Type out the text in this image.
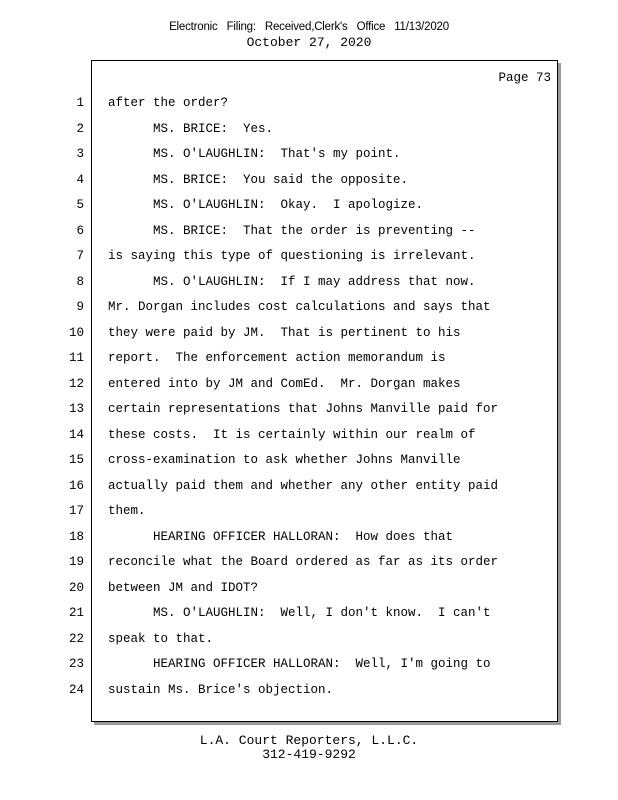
Electronic Filing: Received,Clerk's Office 11/13/2020
October 27, 2020
Page 73
1 after the order?
2 MS. BRICE:  Yes.
3 MS. O'LAUGHLIN:  That's my point.
4 MS. BRICE:  You said the opposite.
5 MS. O'LAUGHLIN:  Okay.  I apologize.
6 MS. BRICE:  That the order is preventing --
7 is saying this type of questioning is irrelevant.
8 MS. O'LAUGHLIN:  If I may address that now.
9 Mr. Dorgan includes cost calculations and says that
10 they were paid by JM.  That is pertinent to his
11 report.  The enforcement action memorandum is
12 entered into by JM and ComEd.  Mr. Dorgan makes
13 certain representations that Johns Manville paid for
14 these costs.  It is certainly within our realm of
15 cross-examination to ask whether Johns Manville
16 actually paid them and whether any other entity paid
17 them.
18 HEARING OFFICER HALLORAN:  How does that
19 reconcile what the Board ordered as far as its order
20 between JM and IDOT?
21 MS. O'LAUGHLIN:  Well, I don't know.  I can't
22 speak to that.
23 HEARING OFFICER HALLORAN:  Well, I'm going to
24 sustain Ms. Brice's objection.
L.A. Court Reporters, L.L.C.
312-419-9292
